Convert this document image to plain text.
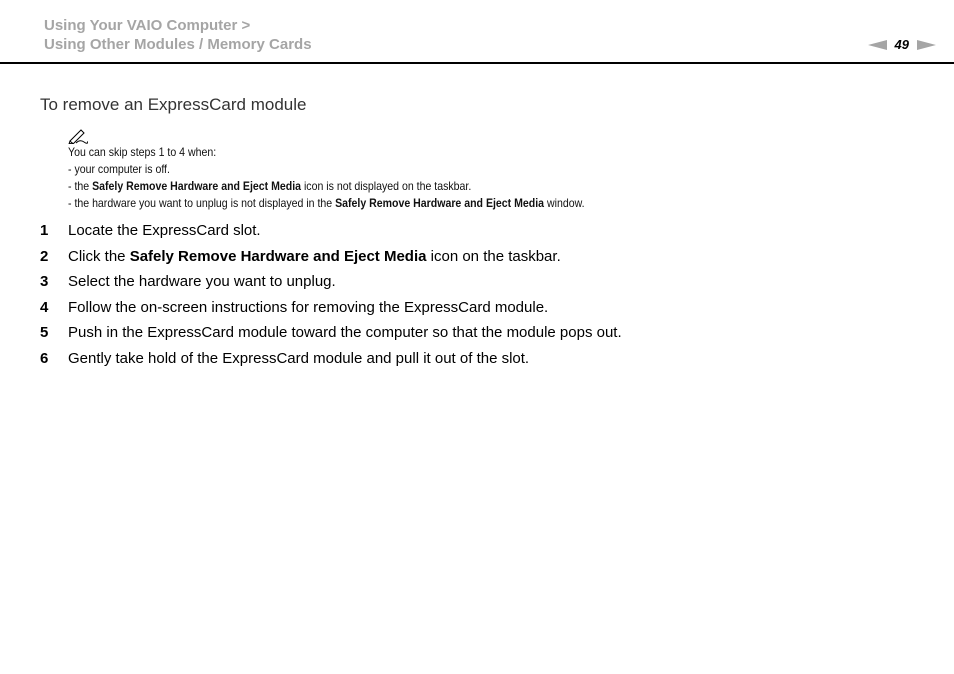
Using Your VAIO Computer >
Using Other Modules / Memory Cards	49
To remove an ExpressCard module
You can skip steps 1 to 4 when:
- your computer is off.
- the Safely Remove Hardware and Eject Media icon is not displayed on the taskbar.
- the hardware you want to unplug is not displayed in the Safely Remove Hardware and Eject Media window.
1 Locate the ExpressCard slot.
2 Click the Safely Remove Hardware and Eject Media icon on the taskbar.
3 Select the hardware you want to unplug.
4 Follow the on-screen instructions for removing the ExpressCard module.
5 Push in the ExpressCard module toward the computer so that the module pops out.
6 Gently take hold of the ExpressCard module and pull it out of the slot.
